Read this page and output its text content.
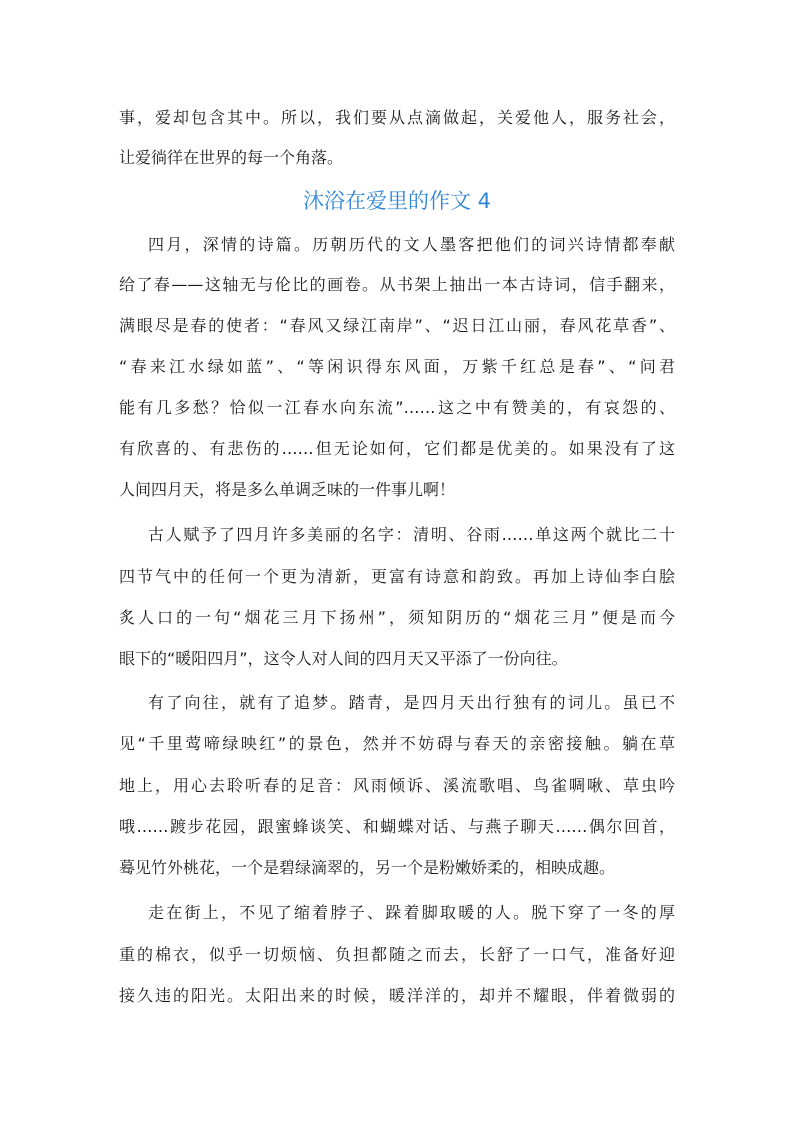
事，爱却包含其中。所以，我们要从点滴做起，关爱他人，服务社会，
让爱徜徉在世界的每一个角落。
沐浴在爱里的作文 4
四月，深情的诗篇。历朝历代的文人墨客把他们的词兴诗情都奉献
给了春——这轴无与伦比的画卷。从书架上抽出一本古诗词，信手翻来，
满眼尽是春的使者：“春风又绿江南岸”、“迟日江山丽，春风花草香”、
“春来江水绿如蓝”、“等闲识得东风面，万紫千红总是春”、“问君
能有几多愁？恰似一江春水向东流”……这之中有赞美的，有哀怨的、
有欣喜的、有悲伤的……但无论如何，它们都是优美的。如果没有了这
人间四月天，将是多么单调乏味的一件事儿啊！
古人赋予了四月许多美丽的名字：清明、谷雨……单这两个就比二十
四节气中的任何一个更为清新，更富有诗意和韵致。再加上诗仙李白脍
炙人口的一句“烟花三月下扬州”，须知阴历的“烟花三月”便是而今
眼下的“暖阳四月”，这令人对人间的四月天又平添了一份向往。
有了向往，就有了追梦。踏青，是四月天出行独有的词儿。虽已不
见“千里莺啼绿映红”的景色，然并不妨碍与春天的亲密接触。躺在草
地上，用心去聆听春的足音：风雨倾诉、溪流歌唱、鸟雀啁啾、草虫吟
哦……踱步花园，跟蜜蜂谈笑、和蝴蝶对话、与燕子聊天……偶尔回首，
蓦见竹外桃花，一个是碧绿滴翠的，另一个是粉嫩娇柔的，相映成趣。
走在街上，不见了缩着脖子、跺着脚取暖的人。脱下穿了一冬的厚
重的棉衣，似乎一切烦恼、负担都随之而去，长舒了一口气，准备好迎
接久违的阳光。太阳出来的时候，暖洋洋的，却并不耀眼，伴着微弱的
